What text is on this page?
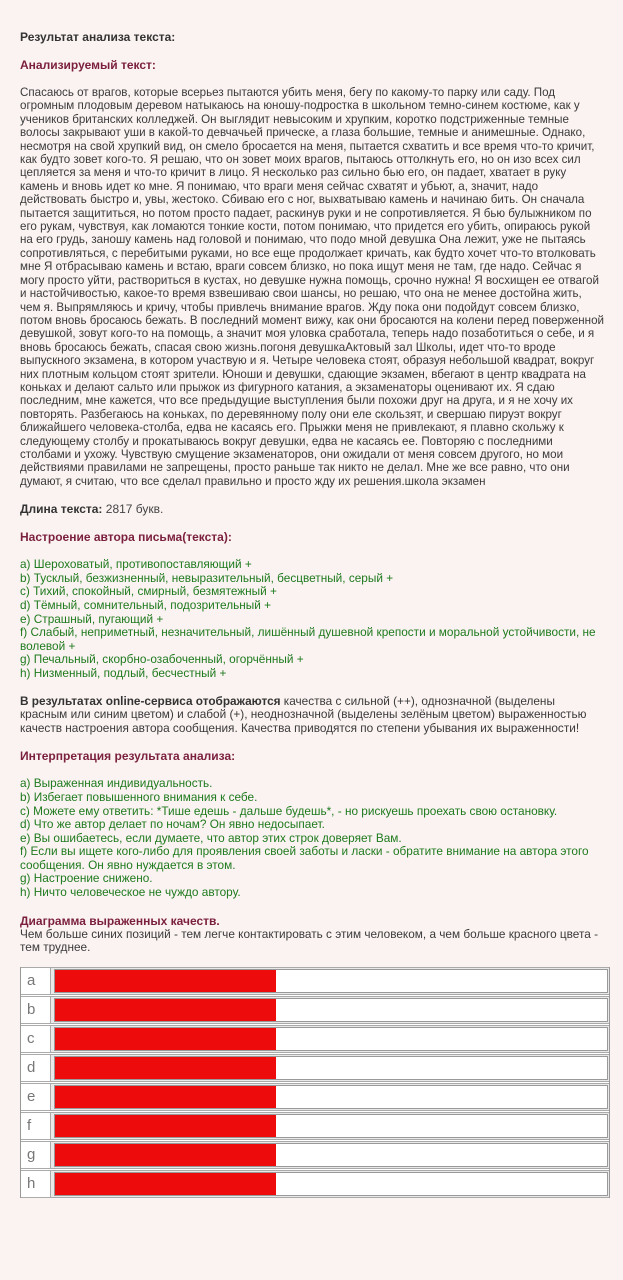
Результат анализа текста:

Анализируемый текст:

Спасаюсь от врагов, которые всерьез пытаются убить меня, бегу по какому-то парку или саду. Под огромным плодовым деревом натыкаюсь на юношу-подростка в школьном темно-синем костюме, как у учеников британских колледжей. Он выглядит невысоким и хрупким, коротко подстриженные темные волосы закрывают уши в какой-то девчачьей прическе, а глаза большие, темные и анимешные. Однако, несмотря на свой хрупкий вид, он смело бросается на меня, пытается схватить и все время что-то кричит, как будто зовет кого-то. Я решаю, что он зовет моих врагов, пытаюсь оттолкнуть его, но он изо всех сил цепляется за меня и что-то кричит в лицо. Я несколько раз сильно бью его, он падает, хватает в руку камень и вновь идет ко мне. Я понимаю, что враги меня сейчас схватят и убьют, а, значит, надо действовать быстро и, увы, жестоко. Сбиваю его с ног, выхватываю камень и начинаю бить. Он сначала пытается защититься, но потом просто падает, раскинув руки и не сопротивляется. Я бью булыжником по его рукам, чувствуя, как ломаются тонкие кости, потом понимаю, что придется его убить, опираюсь рукой на его грудь, заношу камень над головой и понимаю, что подо мной девушка Она лежит, уже не пытаясь сопротивляться, с перебитыми руками, но все еще продолжает кричать, как будто хочет что-то втолковать мне Я отбрасываю камень и встаю, враги совсем близко, но пока ищут меня не там, где надо. Сейчас я могу просто уйти, раствориться в кустах, но девушке нужна помощь, срочно нужна! Я восхищен ее отвагой и настойчивостью, какое-то время взвешиваю свои шансы, но решаю, что она не менее достойна жить, чем я. Выпрямляюсь и кричу, чтобы привлечь внимание врагов. Жду пока они подойдут совсем близко, потом вновь бросаюсь бежать. В последний момент вижу, как они бросаются на колени перед поверженной девушкой, зовут кого-то на помощь, а значит моя уловка сработала, теперь надо позаботиться о себе, и я вновь бросаюсь бежать, спасая свою жизнь.погоня девушкаАктовый зал Школы, идет что-то вроде выпускного экзамена, в котором участвую и я. Четыре человека стоят, образуя небольшой квадрат, вокруг них плотным кольцом стоят зрители. Юноши и девушки, сдающие экзамен, вбегают в центр квадрата на коньках и делают сальто или прыжок из фигурного катания, а экзаменаторы оценивают их. Я сдаю последним, мне кажется, что все предыдущие выступления были похожи друг на друга, и я не хочу их повторять. Разбегаюсь на коньках, по деревянному полу они еле скользят, и свершаю пируэт вокруг ближайшего человека-столба, едва не касаясь его. Прыжки меня не привлекают, я плавно скольжу к следующему столбу и прокатываюсь вокруг девушки, едва не касаясь ее. Повторяю с последними столбами и ухожу. Чувствую смущение экзаменаторов, они ожидали от меня совсем другого, но мои действиями правилами не запрещены, просто раньше так никто не делал. Мне же все равно, что они думают, я считаю, что все сделал правильно и просто жду их решения.школа экзамен

Длина текста: 2817 букв.

Настроение автора письма(текста):

a) Шероховатый, противопоставляющий +
b) Тусклый, безжизненный, невыразительный, бесцветный, серый +
c) Тихий, спокойный, смирный, безмятежный +
d) Тёмный, сомнительный, подозрительный +
e) Страшный, пугающий +
f) Слабый, неприметный, незначительный, лишённый душевной крепости и моральной устойчивости, не волевой +
g) Печальный, скорбно-озабоченный, огорчённый +
h) Низменный, подлый, бесчестный +

В результатах online-сервиса отображаются качества с сильной (++), однозначной (выделены красным или синим цветом) и слабой (+), неоднозначной (выделены зелёным цветом) выраженностью качеств настроения автора сообщения. Качества приводятся по степени убывания их выраженности!

Интерпретация результата анализа:

a) Выраженная индивидуальность.
b) Избегает повышенного внимания к себе.
c) Можете ему ответить: *Тише едешь - дальше будешь*, - но рискуешь проехать свою остановку.
d) Что же автор делает по ночам? Он явно недосыпает.
e) Вы ошибаетесь, если думаете, что автор этих строк доверяет Вам.
f) Если вы ищете кого-либо для проявления своей заботы и ласки - обратите внимание на автора этого сообщения. Он явно нуждается в этом.
g) Настроение снижено.
h) Ничто человеческое не чуждо автору.

Диаграмма выраженных качеств.

Чем больше синих позиций - тем легче контактировать с этим человеком, а чем больше красного цвета - тем труднее.

a
b
c
d
e
f
g
h
